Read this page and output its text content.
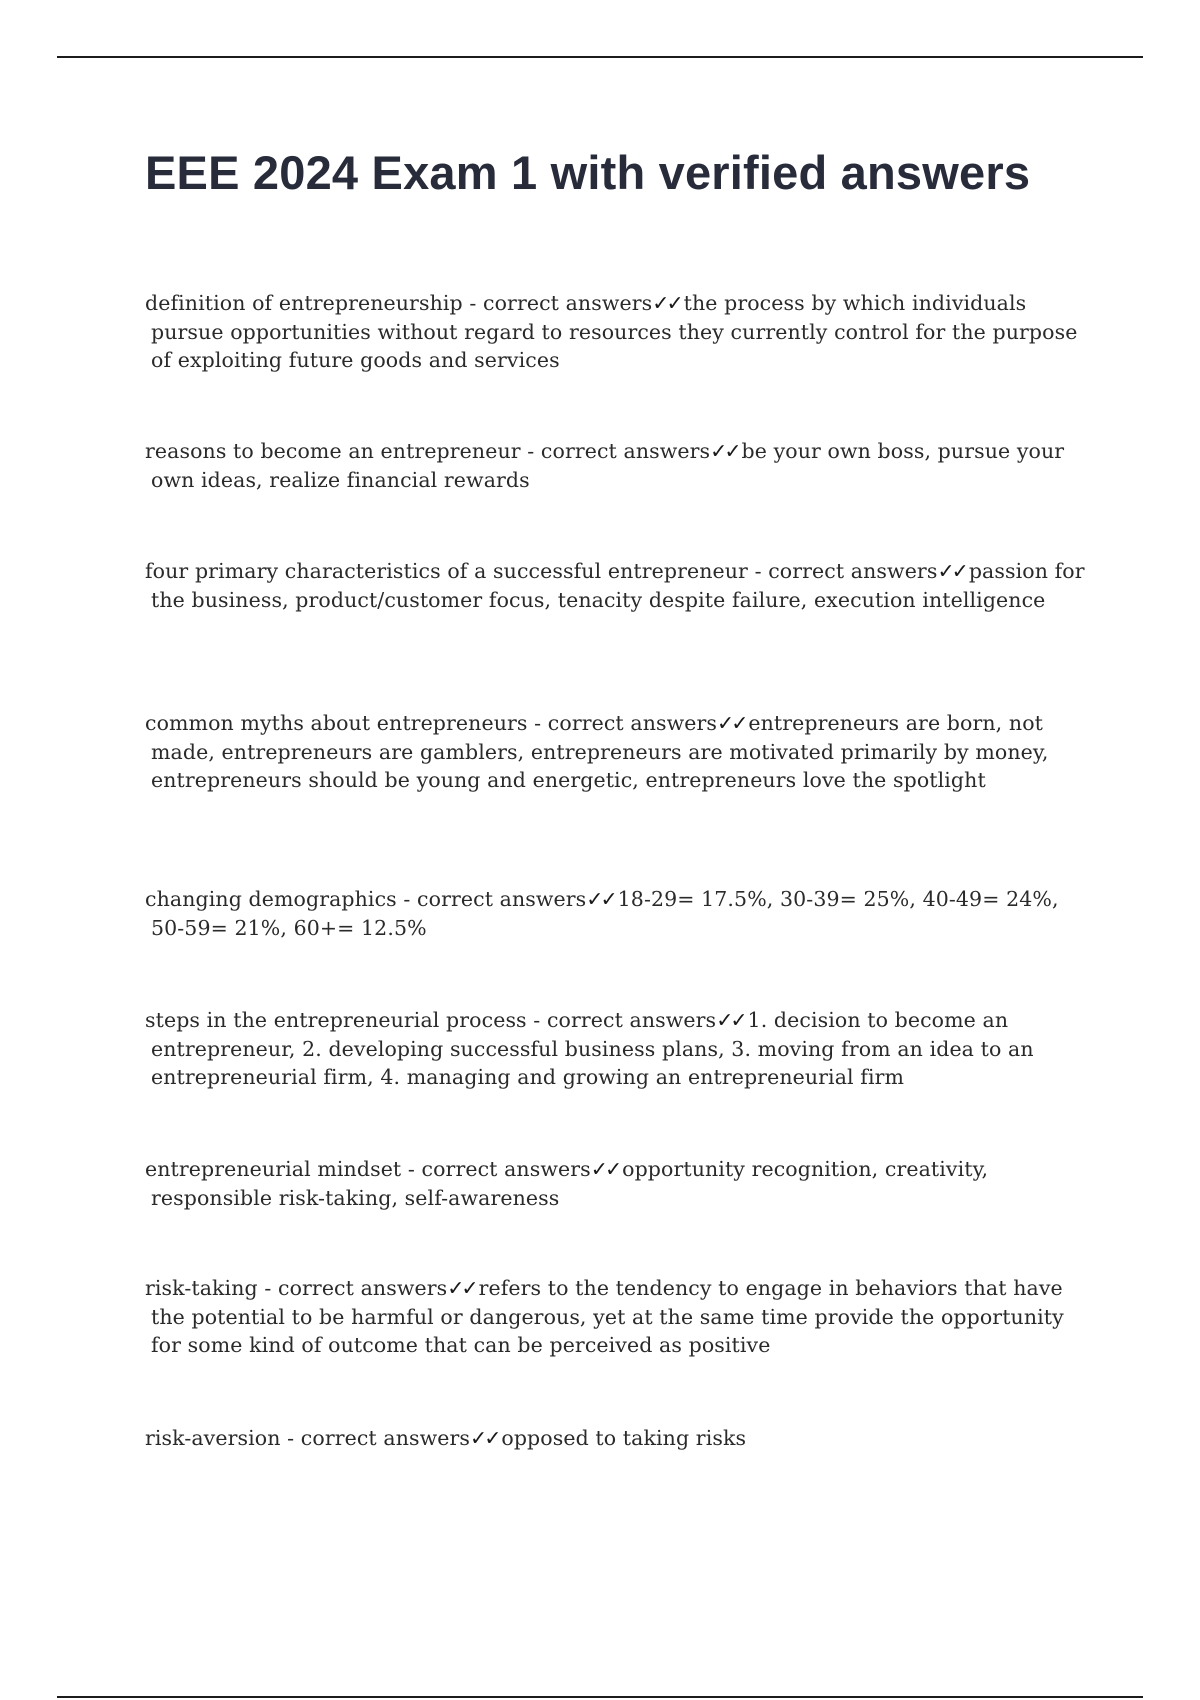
EEE 2024 Exam 1 with verified answers

definition of entrepreneurship - correct answers✓✓ the process by which individuals pursue opportunities without regard to resources they currently control for the purpose of exploiting future goods and services

reasons to become an entrepreneur - correct answers✓✓ be your own boss, pursue your own ideas, realize financial rewards

four primary characteristics of a successful entrepreneur - correct answers✓✓ passion for the business, product/customer focus, tenacity despite failure, execution intelligence

common myths about entrepreneurs - correct answers✓✓ entrepreneurs are born, not made, entrepreneurs are gamblers, entrepreneurs are motivated primarily by money, entrepreneurs should be young and energetic, entrepreneurs love the spotlight

changing demographics - correct answers✓✓ 18-29= 17.5%, 30-39= 25%, 40-49= 24%, 50-59= 21%, 60+= 12.5%

steps in the entrepreneurial process - correct answers✓✓ 1. decision to become an entrepreneur, 2. developing successful business plans, 3. moving from an idea to an entrepreneurial firm, 4. managing and growing an entrepreneurial firm

entrepreneurial mindset - correct answers✓✓ opportunity recognition, creativity, responsible risk-taking, self-awareness

risk-taking - correct answers✓✓ refers to the tendency to engage in behaviors that have the potential to be harmful or dangerous, yet at the same time provide the opportunity for some kind of outcome that can be perceived as positive

risk-aversion - correct answers✓✓ opposed to taking risks
